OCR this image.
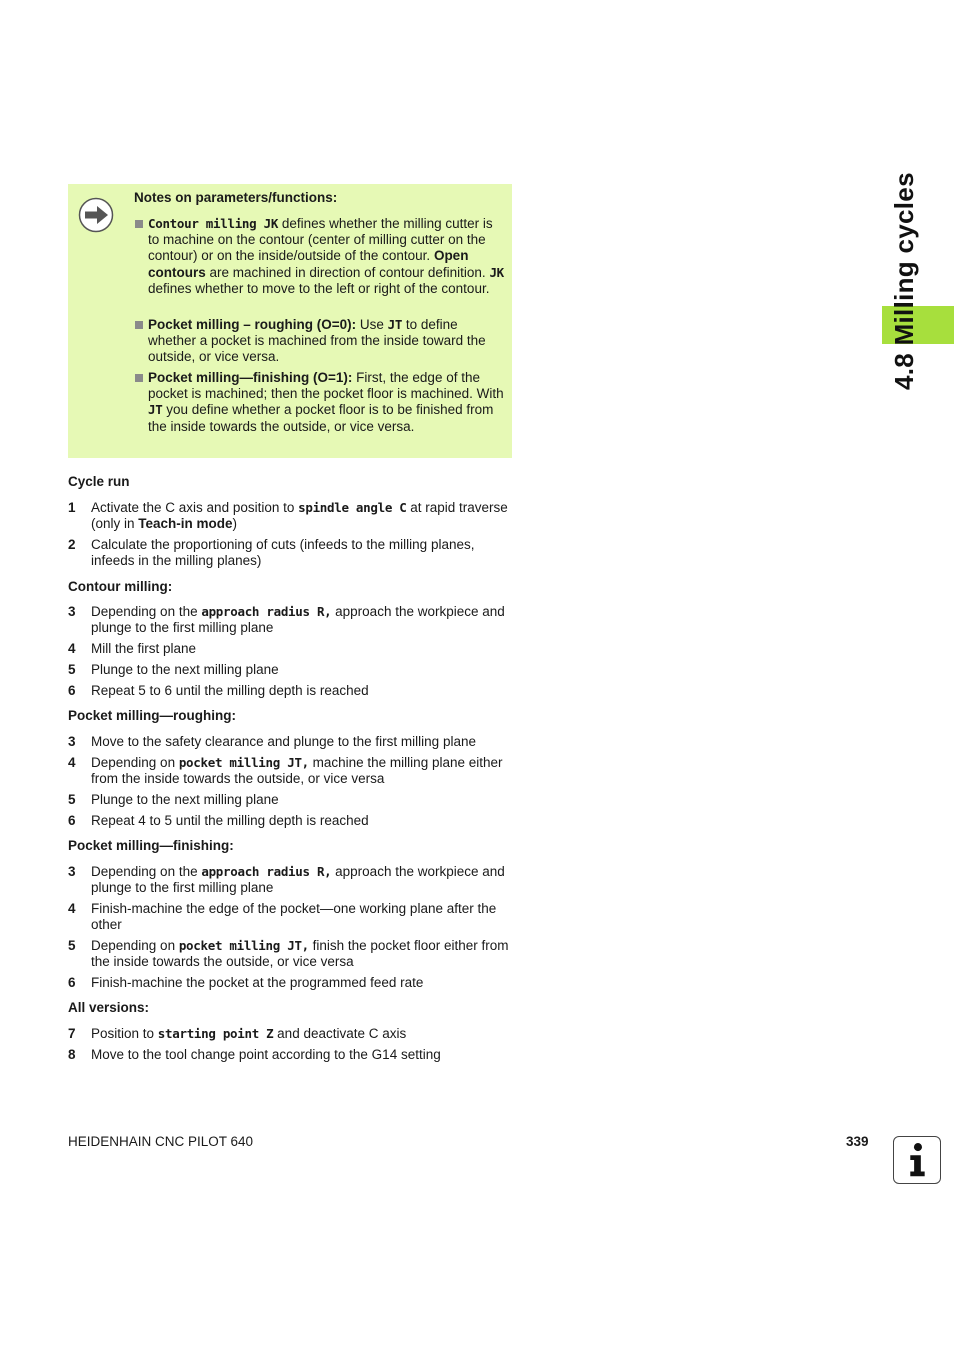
Notes on parameters/functions:
Contour milling JK defines whether the milling cutter is to machine on the contour (center of milling cutter on the contour) or on the inside/outside of the contour. Open contours are machined in direction of contour definition. JK defines whether to move to the left or right of the contour.
Pocket milling – roughing (O=0): Use JT to define whether a pocket is machined from the inside toward the outside, or vice versa.
Pocket milling—finishing (O=1): First, the edge of the pocket is machined; then the pocket floor is machined. With JT you define whether a pocket floor is to be finished from the inside towards the outside, or vice versa.
Cycle run
1 Activate the C axis and position to spindle angle C at rapid traverse (only in Teach-in mode)
2 Calculate the proportioning of cuts (infeeds to the milling planes, infeeds in the milling planes)
Contour milling:
3 Depending on the approach radius R, approach the workpiece and plunge to the first milling plane
4 Mill the first plane
5 Plunge to the next milling plane
6 Repeat 5 to 6 until the milling depth is reached
Pocket milling—roughing:
3 Move to the safety clearance and plunge to the first milling plane
4 Depending on pocket milling JT, machine the milling plane either from the inside towards the outside, or vice versa
5 Plunge to the next milling plane
6 Repeat 4 to 5 until the milling depth is reached
Pocket milling—finishing:
3 Depending on the approach radius R, approach the workpiece and plunge to the first milling plane
4 Finish-machine the edge of the pocket—one working plane after the other
5 Depending on pocket milling JT, finish the pocket floor either from the inside towards the outside, or vice versa
6 Finish-machine the pocket at the programmed feed rate
All versions:
7 Position to starting point Z and deactivate C axis
8 Move to the tool change point according to the G14 setting
4.8 Milling cycles
HEIDENHAIN CNC PILOT 640	339
